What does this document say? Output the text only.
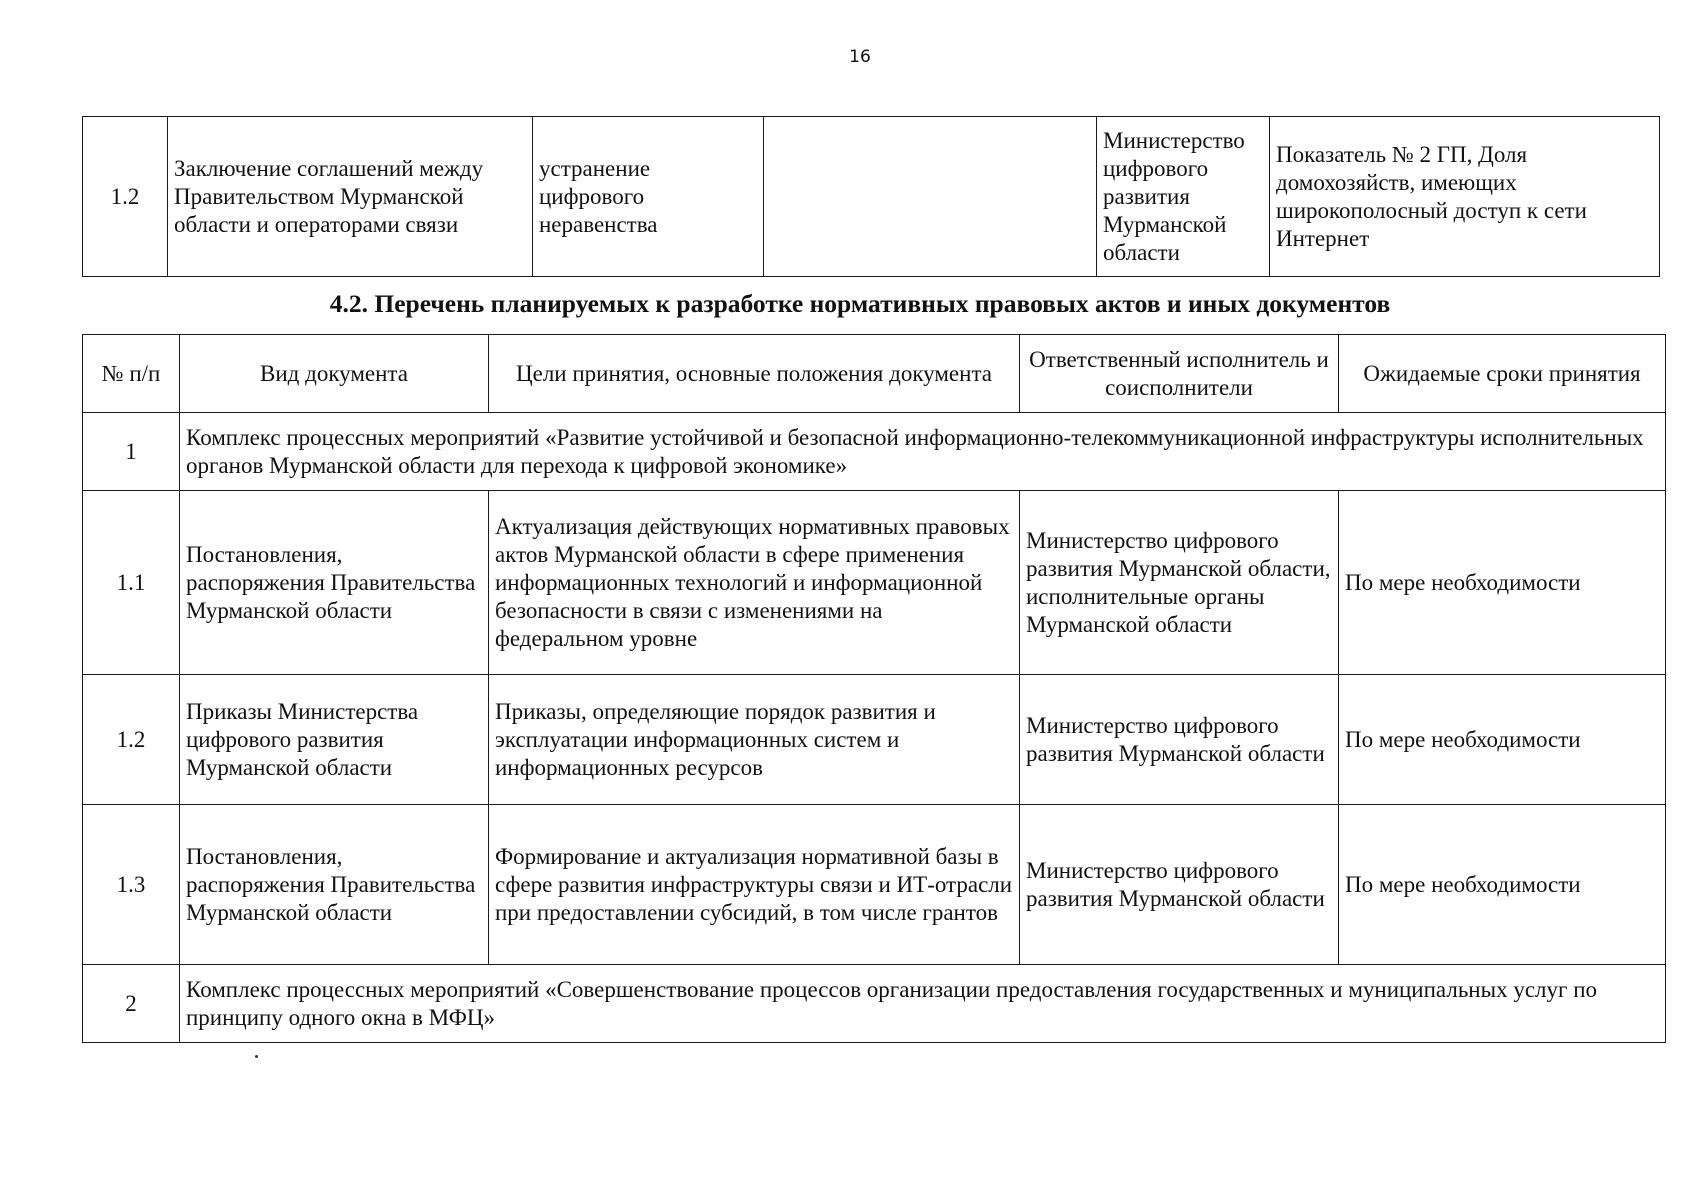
16
1.2	Заключение соглашений между Правительством Мурманской области и операторами связи	устранение цифрового неравенства		Министерство цифрового развития Мурманской области	Показатель № 2 ГП, Доля домохозяйств, имеющих широкополосный доступ к сети Интернет
4.2. Перечень планируемых к разработке нормативных правовых актов и иных документов
№ п/п	Вид документа	Цели принятия, основные положения документа	Ответственный исполнитель и соисполнители	Ожидаемые сроки принятия
1	Комплекс процессных мероприятий «Развитие устойчивой и безопасной информационно-телекоммуникационной инфраструктуры исполнительных органов Мурманской области для перехода к цифровой экономике»			
1.1	Постановления, распоряжения Правительства Мурманской области	Актуализация действующих нормативных правовых актов Мурманской области в сфере применения информационных технологий и информационной безопасности в связи с изменениями на федеральном уровне	Министерство цифрового развития Мурманской области, исполнительные органы Мурманской области	По мере необходимости
1.2	Приказы Министерства цифрового развития Мурманской области	Приказы, определяющие порядок развития и эксплуатации информационных систем и информационных ресурсов	Министерство цифрового развития Мурманской области	По мере необходимости
1.3	Постановления, распоряжения Правительства Мурманской области	Формирование и актуализация нормативной базы в сфере развития инфраструктуры связи и ИТ-отрасли при предоставлении субсидий, в том числе грантов	Министерство цифрового развития Мурманской области	По мере необходимости
2	Комплекс процессных мероприятий «Совершенствование процессов организации предоставления государственных и муниципальных услуг по принципу одного окна в МФЦ»			
